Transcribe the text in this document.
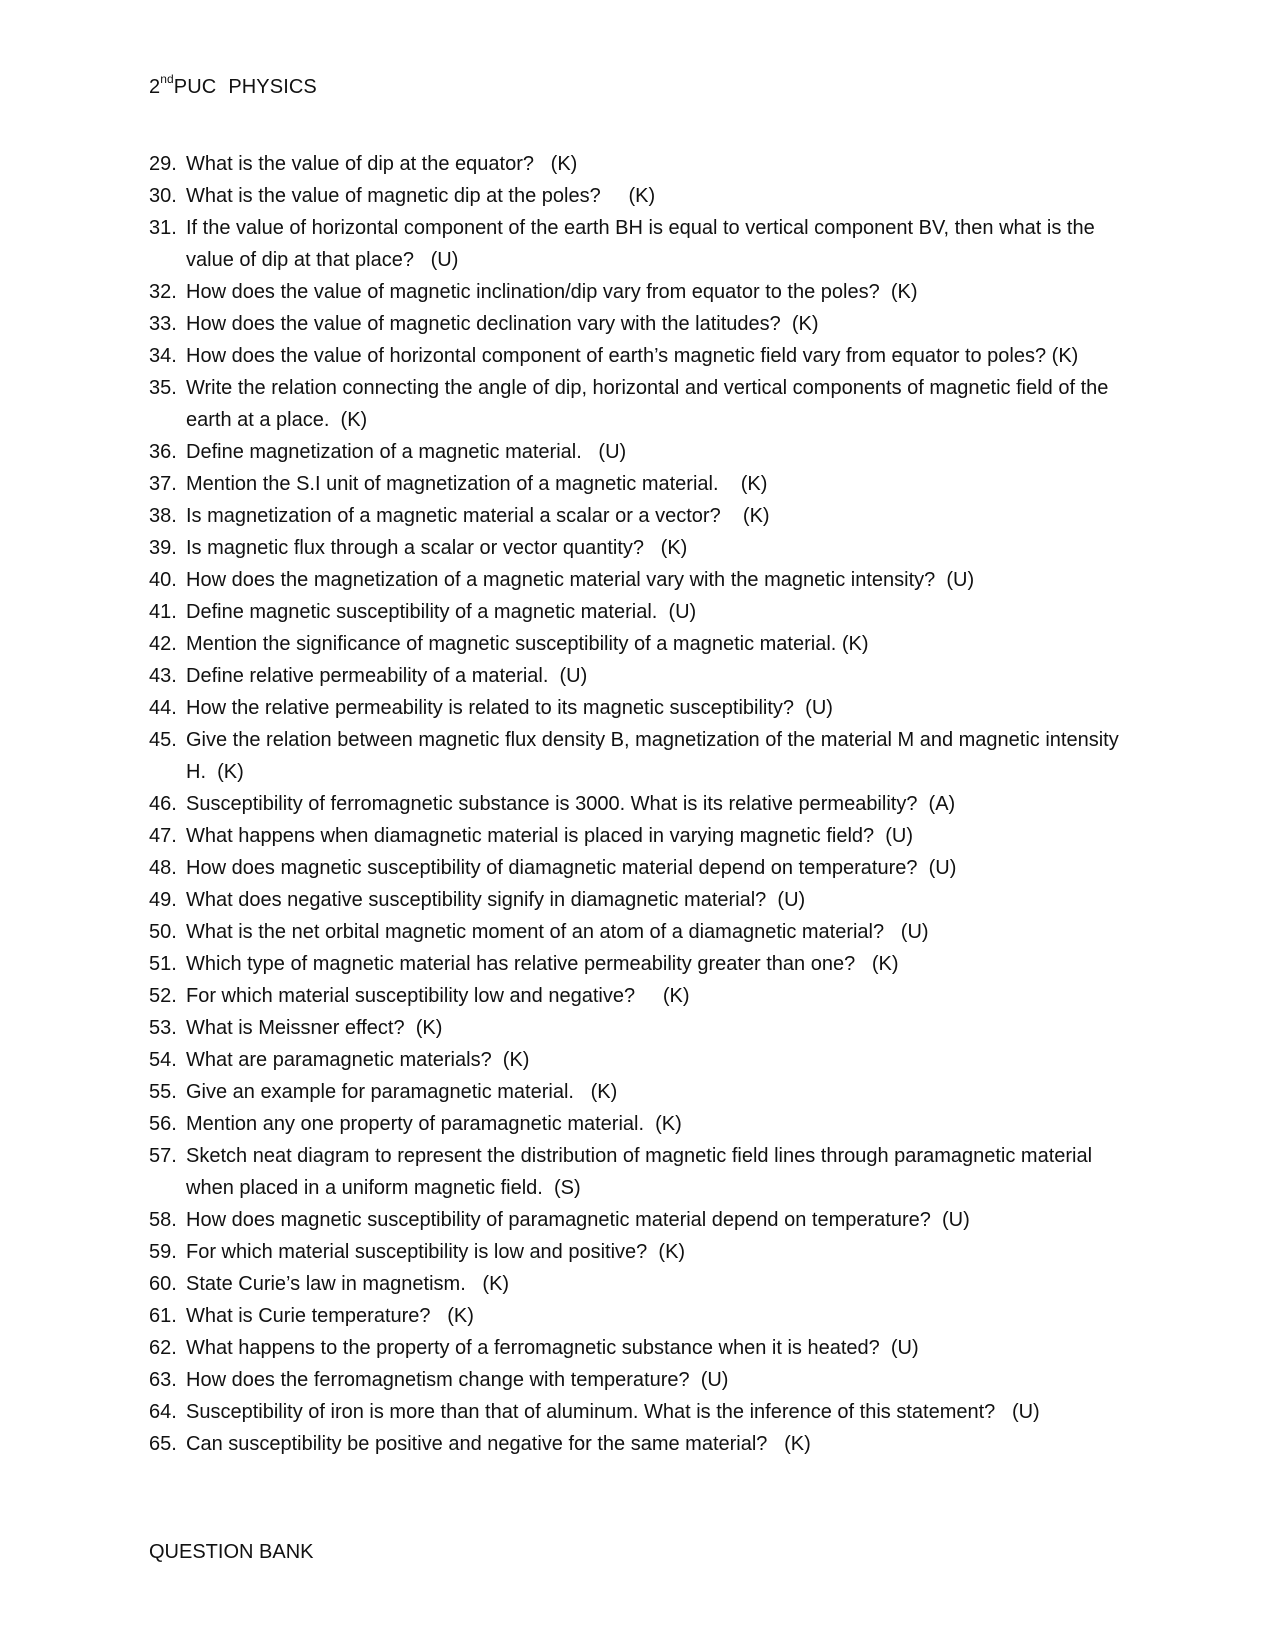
2ndPUC PHYSICS
29. What is the value of dip at the equator?   (K)
30. What is the value of magnetic dip at the poles?     (K)
31. If the value of horizontal component of the earth BH is equal to vertical component BV, then what is the value of dip at that place?   (U)
32. How does the value of magnetic inclination/dip vary from equator to the poles?  (K)
33. How does the value of magnetic declination vary with the latitudes?  (K)
34. How does the value of horizontal component of earth’s magnetic field vary from equator to poles? (K)
35. Write the relation connecting the angle of dip, horizontal and vertical components of magnetic field of the earth at a place.  (K)
36. Define magnetization of a magnetic material.   (U)
37. Mention the S.I unit of magnetization of a magnetic material.    (K)
38. Is magnetization of a magnetic material a scalar or a vector?    (K)
39. Is magnetic flux through a scalar or vector quantity?   (K)
40. How does the magnetization of a magnetic material vary with the magnetic intensity?  (U)
41. Define magnetic susceptibility of a magnetic material.  (U)
42. Mention the significance of magnetic susceptibility of a magnetic material. (K)
43. Define relative permeability of a material.  (U)
44. How the relative permeability is related to its magnetic susceptibility?  (U)
45. Give the relation between magnetic flux density B, magnetization of the material M and magnetic intensity H.  (K)
46. Susceptibility of ferromagnetic substance is 3000. What is its relative permeability?  (A)
47. What happens when diamagnetic material is placed in varying magnetic field?  (U)
48. How does magnetic susceptibility of diamagnetic material depend on temperature?  (U)
49. What does negative susceptibility signify in diamagnetic material?  (U)
50. What is the net orbital magnetic moment of an atom of a diamagnetic material?   (U)
51. Which type of magnetic material has relative permeability greater than one?   (K)
52. For which material susceptibility low and negative?     (K)
53. What is Meissner effect?  (K)
54. What are paramagnetic materials?  (K)
55. Give an example for paramagnetic material.   (K)
56. Mention any one property of paramagnetic material.  (K)
57. Sketch neat diagram to represent the distribution of magnetic field lines through paramagnetic material when placed in a uniform magnetic field.  (S)
58. How does magnetic susceptibility of paramagnetic material depend on temperature?  (U)
59. For which material susceptibility is low and positive?  (K)
60. State Curie’s law in magnetism.   (K)
61. What is Curie temperature?   (K)
62. What happens to the property of a ferromagnetic substance when it is heated?  (U)
63. How does the ferromagnetism change with temperature?  (U)
64. Susceptibility of iron is more than that of aluminum. What is the inference of this statement?   (U)
65. Can susceptibility be positive and negative for the same material?   (K)
QUESTION BANK
